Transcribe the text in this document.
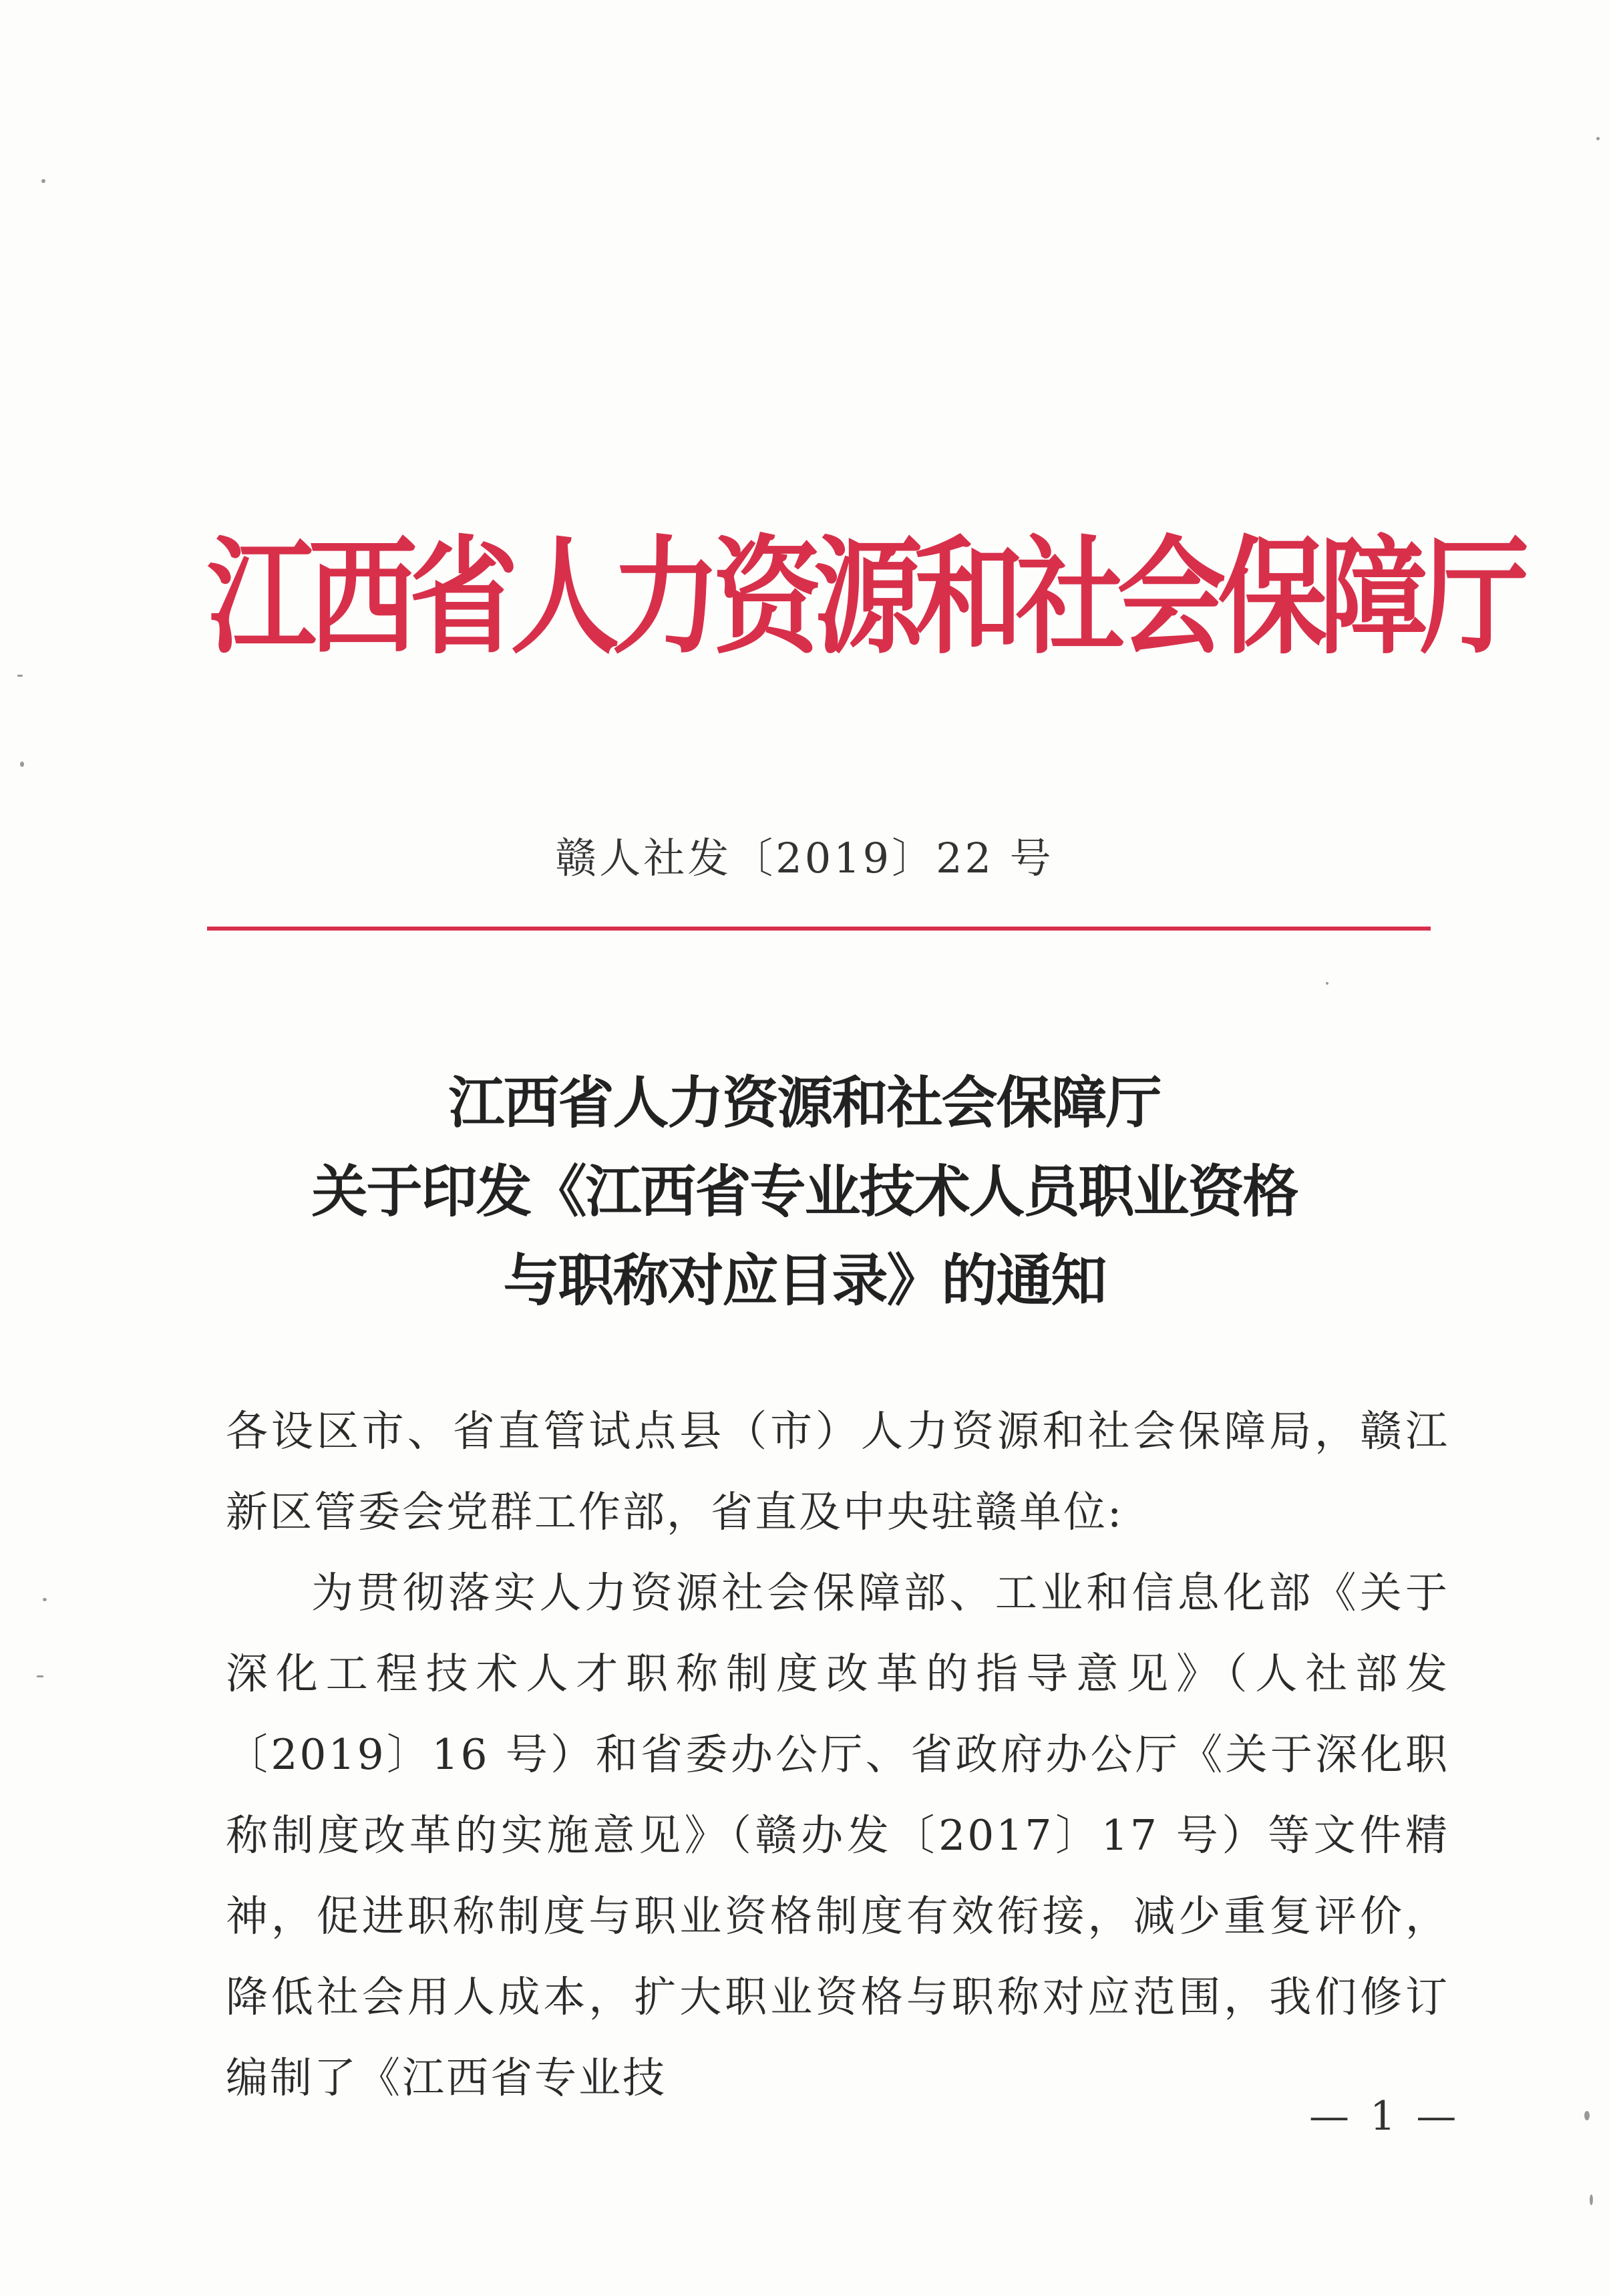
江西省人力资源和社会保障厅
赣人社发〔2019〕22 号
江西省人力资源和社会保障厅
关于印发《江西省专业技术人员职业资格
与职称对应目录》的通知

各设区市、省直管试点县（市）人力资源和社会保障局，赣江新区管委会党群工作部，省直及中央驻赣单位:

为贯彻落实人力资源社会保障部、工业和信息化部《关于深化工程技术人才职称制度改革的指导意见》（人社部发〔2019〕16 号）和省委办公厅、省政府办公厅《关于深化职称制度改革的实施意见》（赣办发〔2017〕17 号）等文件精神，促进职称制度与职业资格制度有效衔接，减少重复评价，降低社会用人成本，扩大职业资格与职称对应范围，我们修订编制了《江西省专业技

— 1 —
